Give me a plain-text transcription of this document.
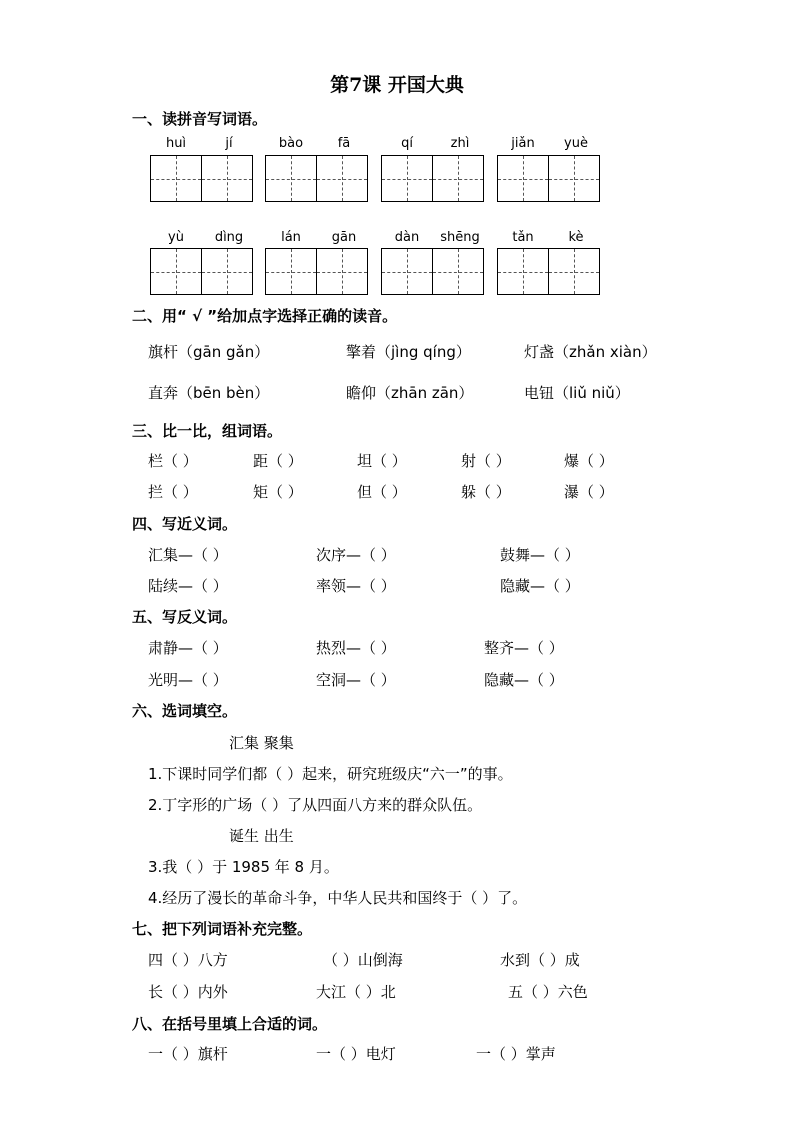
第7课 开国大典
一、读拼音写词语。
huì	jí	bào	fā	qí	zhì	jiǎn	yuè
yù	dìng	lán	gān	dàn	shēng	tǎn	kè
二、用“ √ ”给加点字选择正确的读音。
旗杆（gān gǎn）	擎着（jìng qíng）	灯盏（zhǎn xiàn）
直奔（bēn bèn）	瞻仰（zhān zān）	电钮（liǔ niǔ）
三、比一比，组词语。
栏（ ）	距（ ）	坦（ ）	射（ ）	爆（ ）
拦（ ）	矩（ ）	但（ ）	躲（ ）	瀑（ ）
四、写近义词。
汇集—（ ）	次序—（ ）	鼓舞—（ ）
陆续—（ ）	率领—（ ）	隐藏—（ ）
五、写反义词。
肃静—（ ）	热烈—（ ）	整齐—（ ）
光明—（ ）	空洞—（ ）	隐藏—（ ）
六、选词填空。
汇集 聚集
1.下课时同学们都（ ）起来，研究班级庆“六一”的事。
2.丁字形的广场（ ）了从四面八方来的群众队伍。
诞生 出生
3.我（ ）于 1985 年 8 月。
4.经历了漫长的革命斗争，中华人民共和国终于（ ）了。
七、把下列词语补充完整。
四（ ）八方	（ ）山倒海	水到（ ）成
长（ ）内外	大江（ ）北	五（ ）六色
八、在括号里填上合适的词。
一（ ）旗杆	一（ ）电灯	一（ ）掌声
